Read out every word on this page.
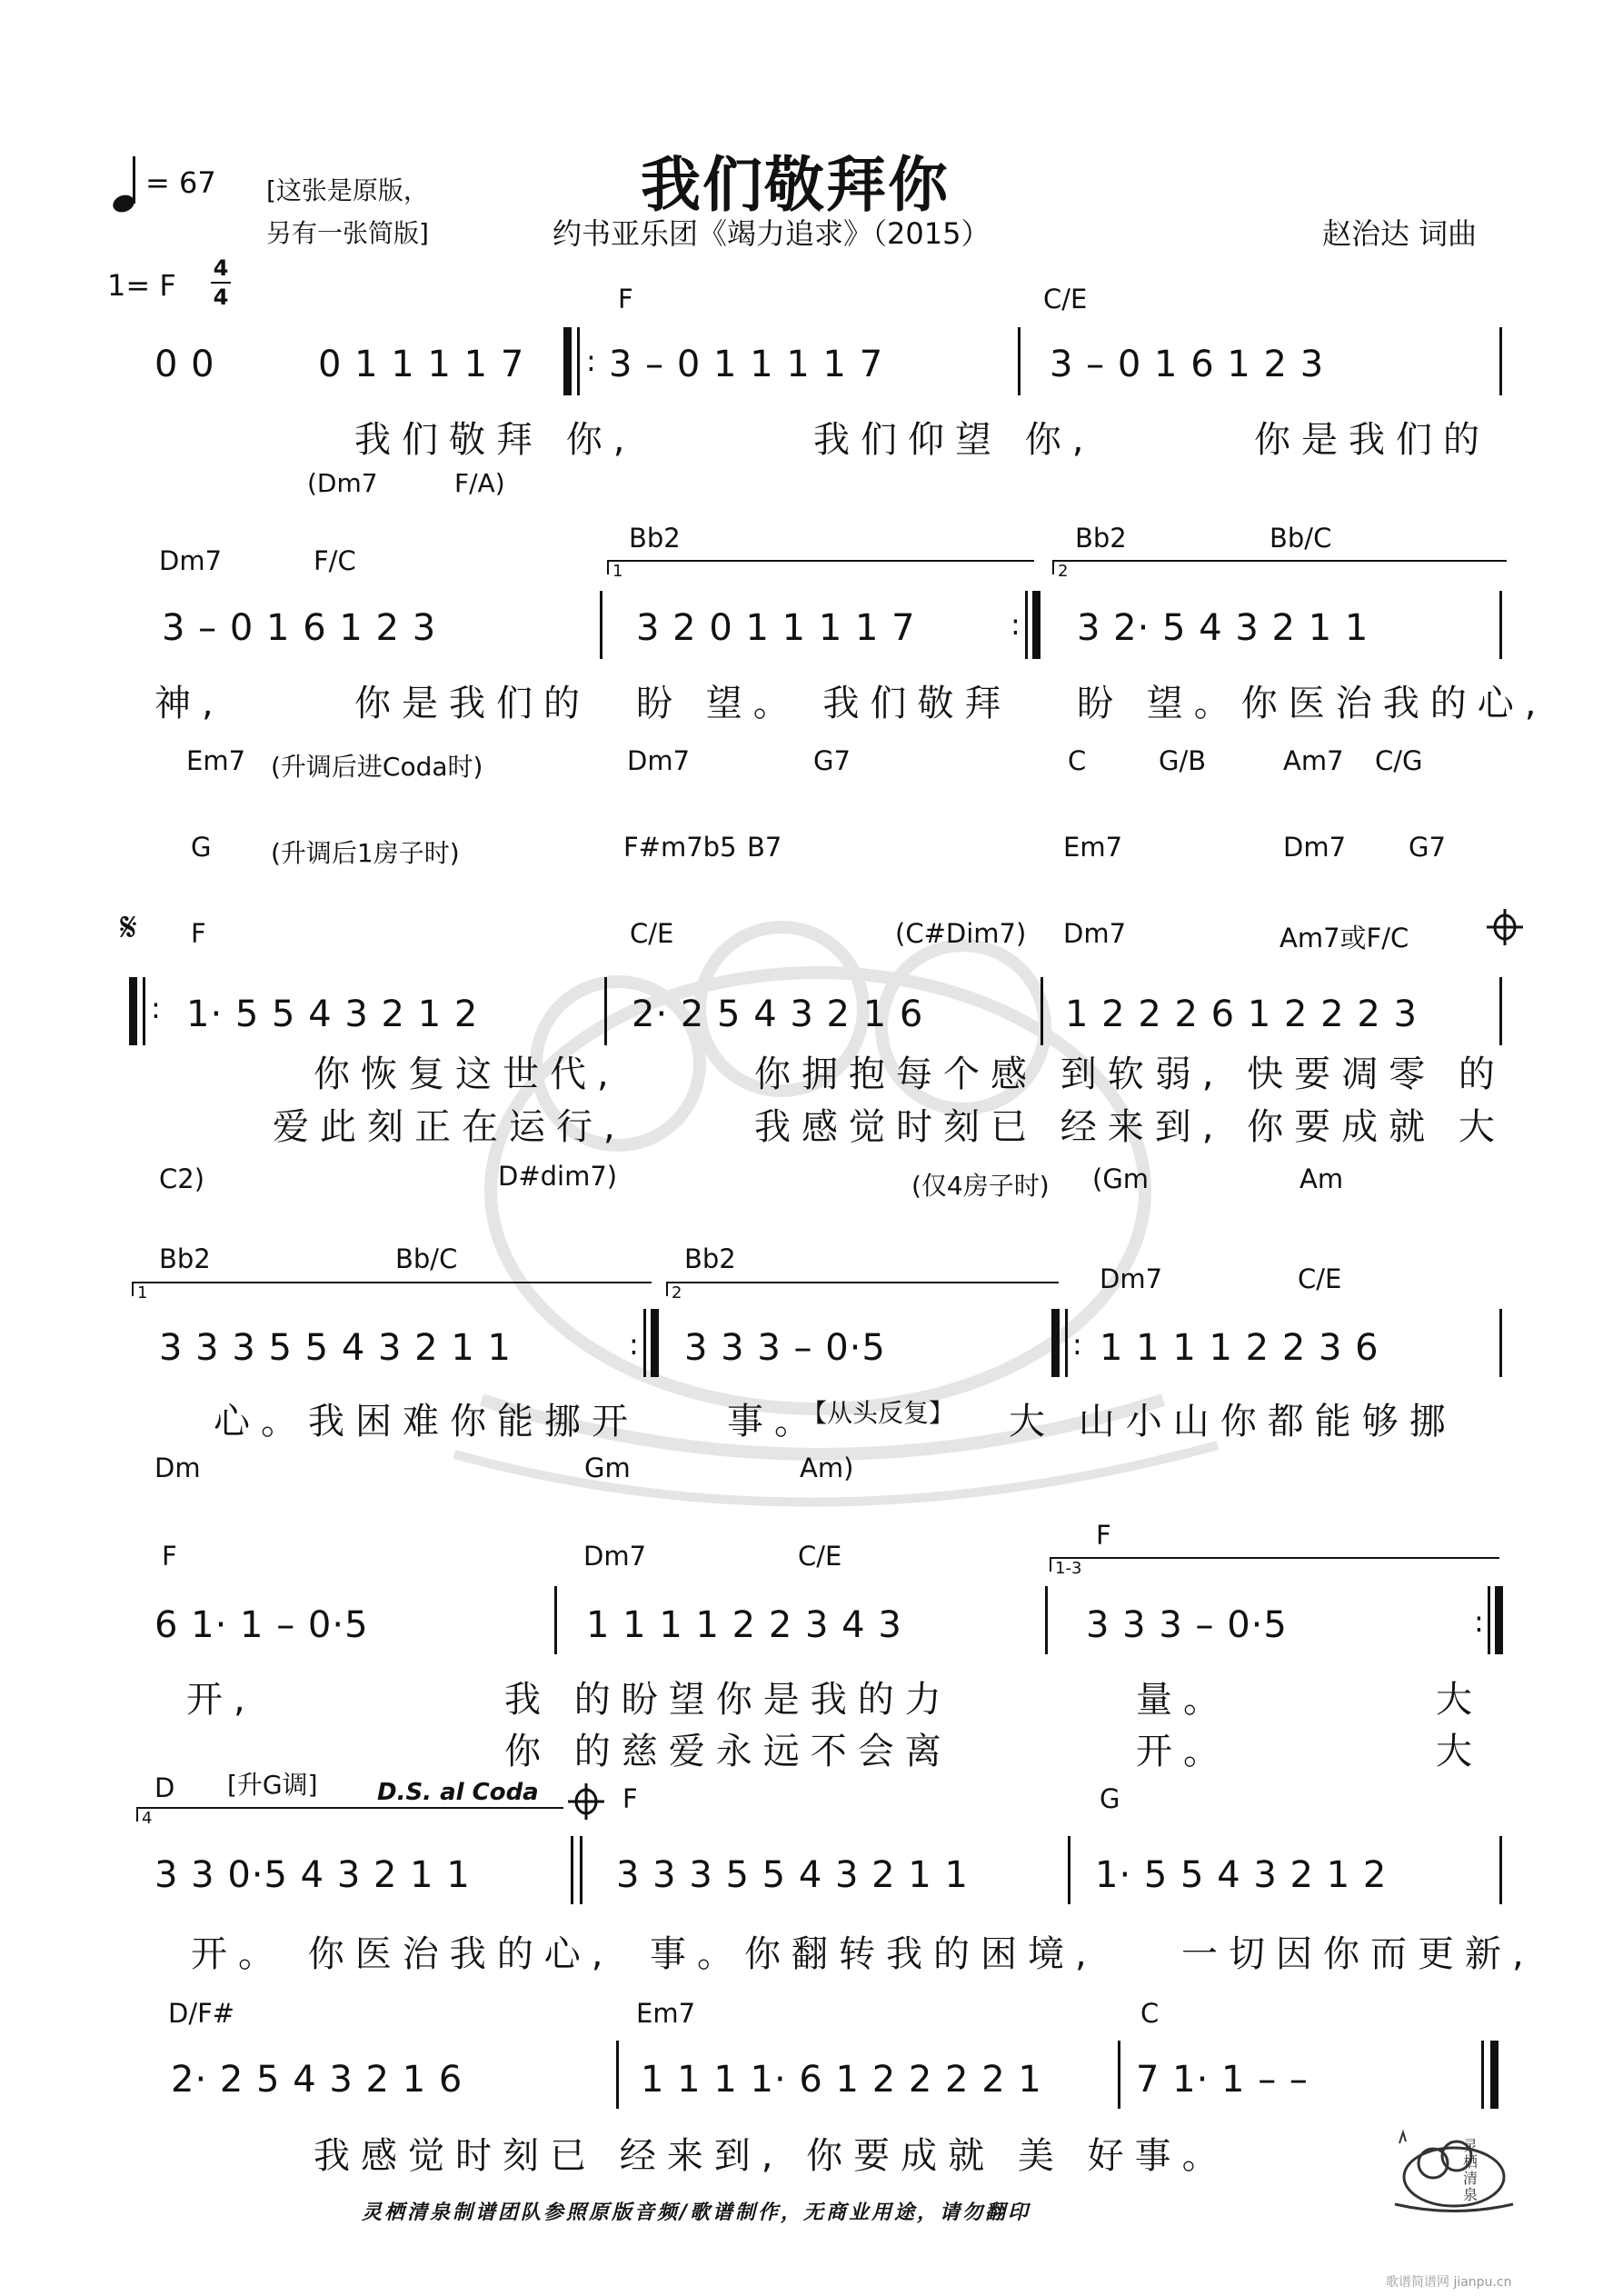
= 67 [这张是原版，
另有一张简版]
我们敬拜你
约书亚乐团《竭力追求》（2015）	赵治达 词曲
1= F 4
4	F	C/E
0 0	0 1 1 1 1 7 : 3 – 0 1 1 1 1 7	3 – 0 1 6 1 2 3
我们敬拜 你,	我们仰望 你,	你是我们的
(Dm7	F/A)
Dm7	F/C
Bb2	Bb2	Bb/C
1	2
3 – 0 1 6 1 2 3	3 2 0 1 1 1 1 7	: 3 2· 5 4 3 2 1 1
神,	你是我们的 盼 望。 我们敬拜 盼 望。你医治我的心,
Em7 (升调后进Coda时)	Dm7	G7	C	G/B	Am7 C/G
G (升调后1房子时)	F#m7b5 B7	Em7	Dm7 G7
𝄋 F	C/E	(C#Dim7) Dm7	Am7或F/C
: 1· 5 5 4 3 2 1 2	2· 2 5 4 3 2 1 6	1 2 2 2 6 1 2 2 2 3
你恢复这世代,	你拥抱每个感 到软弱, 快要凋零 的
爱此刻正在运行,	我感觉时刻已 经来到, 你要成就 大
C2)	D#dim7)	(仅4房子时) (Gm	Am
Bb2	Bb/C	Bb2
Dm7	C/E
1	2
3 3 3 5 5 4 3 2 1 1	: 3 3 3 – 0·5	: 1 1 1 1 2 2 3 6
心。我困难你能挪开 事。
【从头反复】 大 山小山你都能够挪
Dm	Gm	Am)
F	Dm7	C/E
F
1-3
6 1· 1 – 0·5	1 1 1 1 2 2 3 4 3	3 3 3 – 0·5	:
开,	我 的盼望你是我的力	量。	大
你 的慈爱永远不会离	开。	大
D [升G调]	D.S. al Coda	F	G
4
3 3 0·5 4 3 2 1 1	3 3 3 5 5 4 3 2 1 1	1· 5 5 4 3 2 1 2
开。 你医治我的心, 事。你翻转我的困境, 一切因你而更新,
D/F#	Em7	C
2· 2 5 4 3 2 1 6	1 1 1 1· 6 1 2 2 2 2 1	7 1· 1 – –
我感觉时刻已 经来到, 你要成就 美 好事。	灵栖清泉
灵栖清泉制谱团队参照原版音频/歌谱制作，无商业用途，请勿翻印
歌谱简谱网 jianpu.cn
